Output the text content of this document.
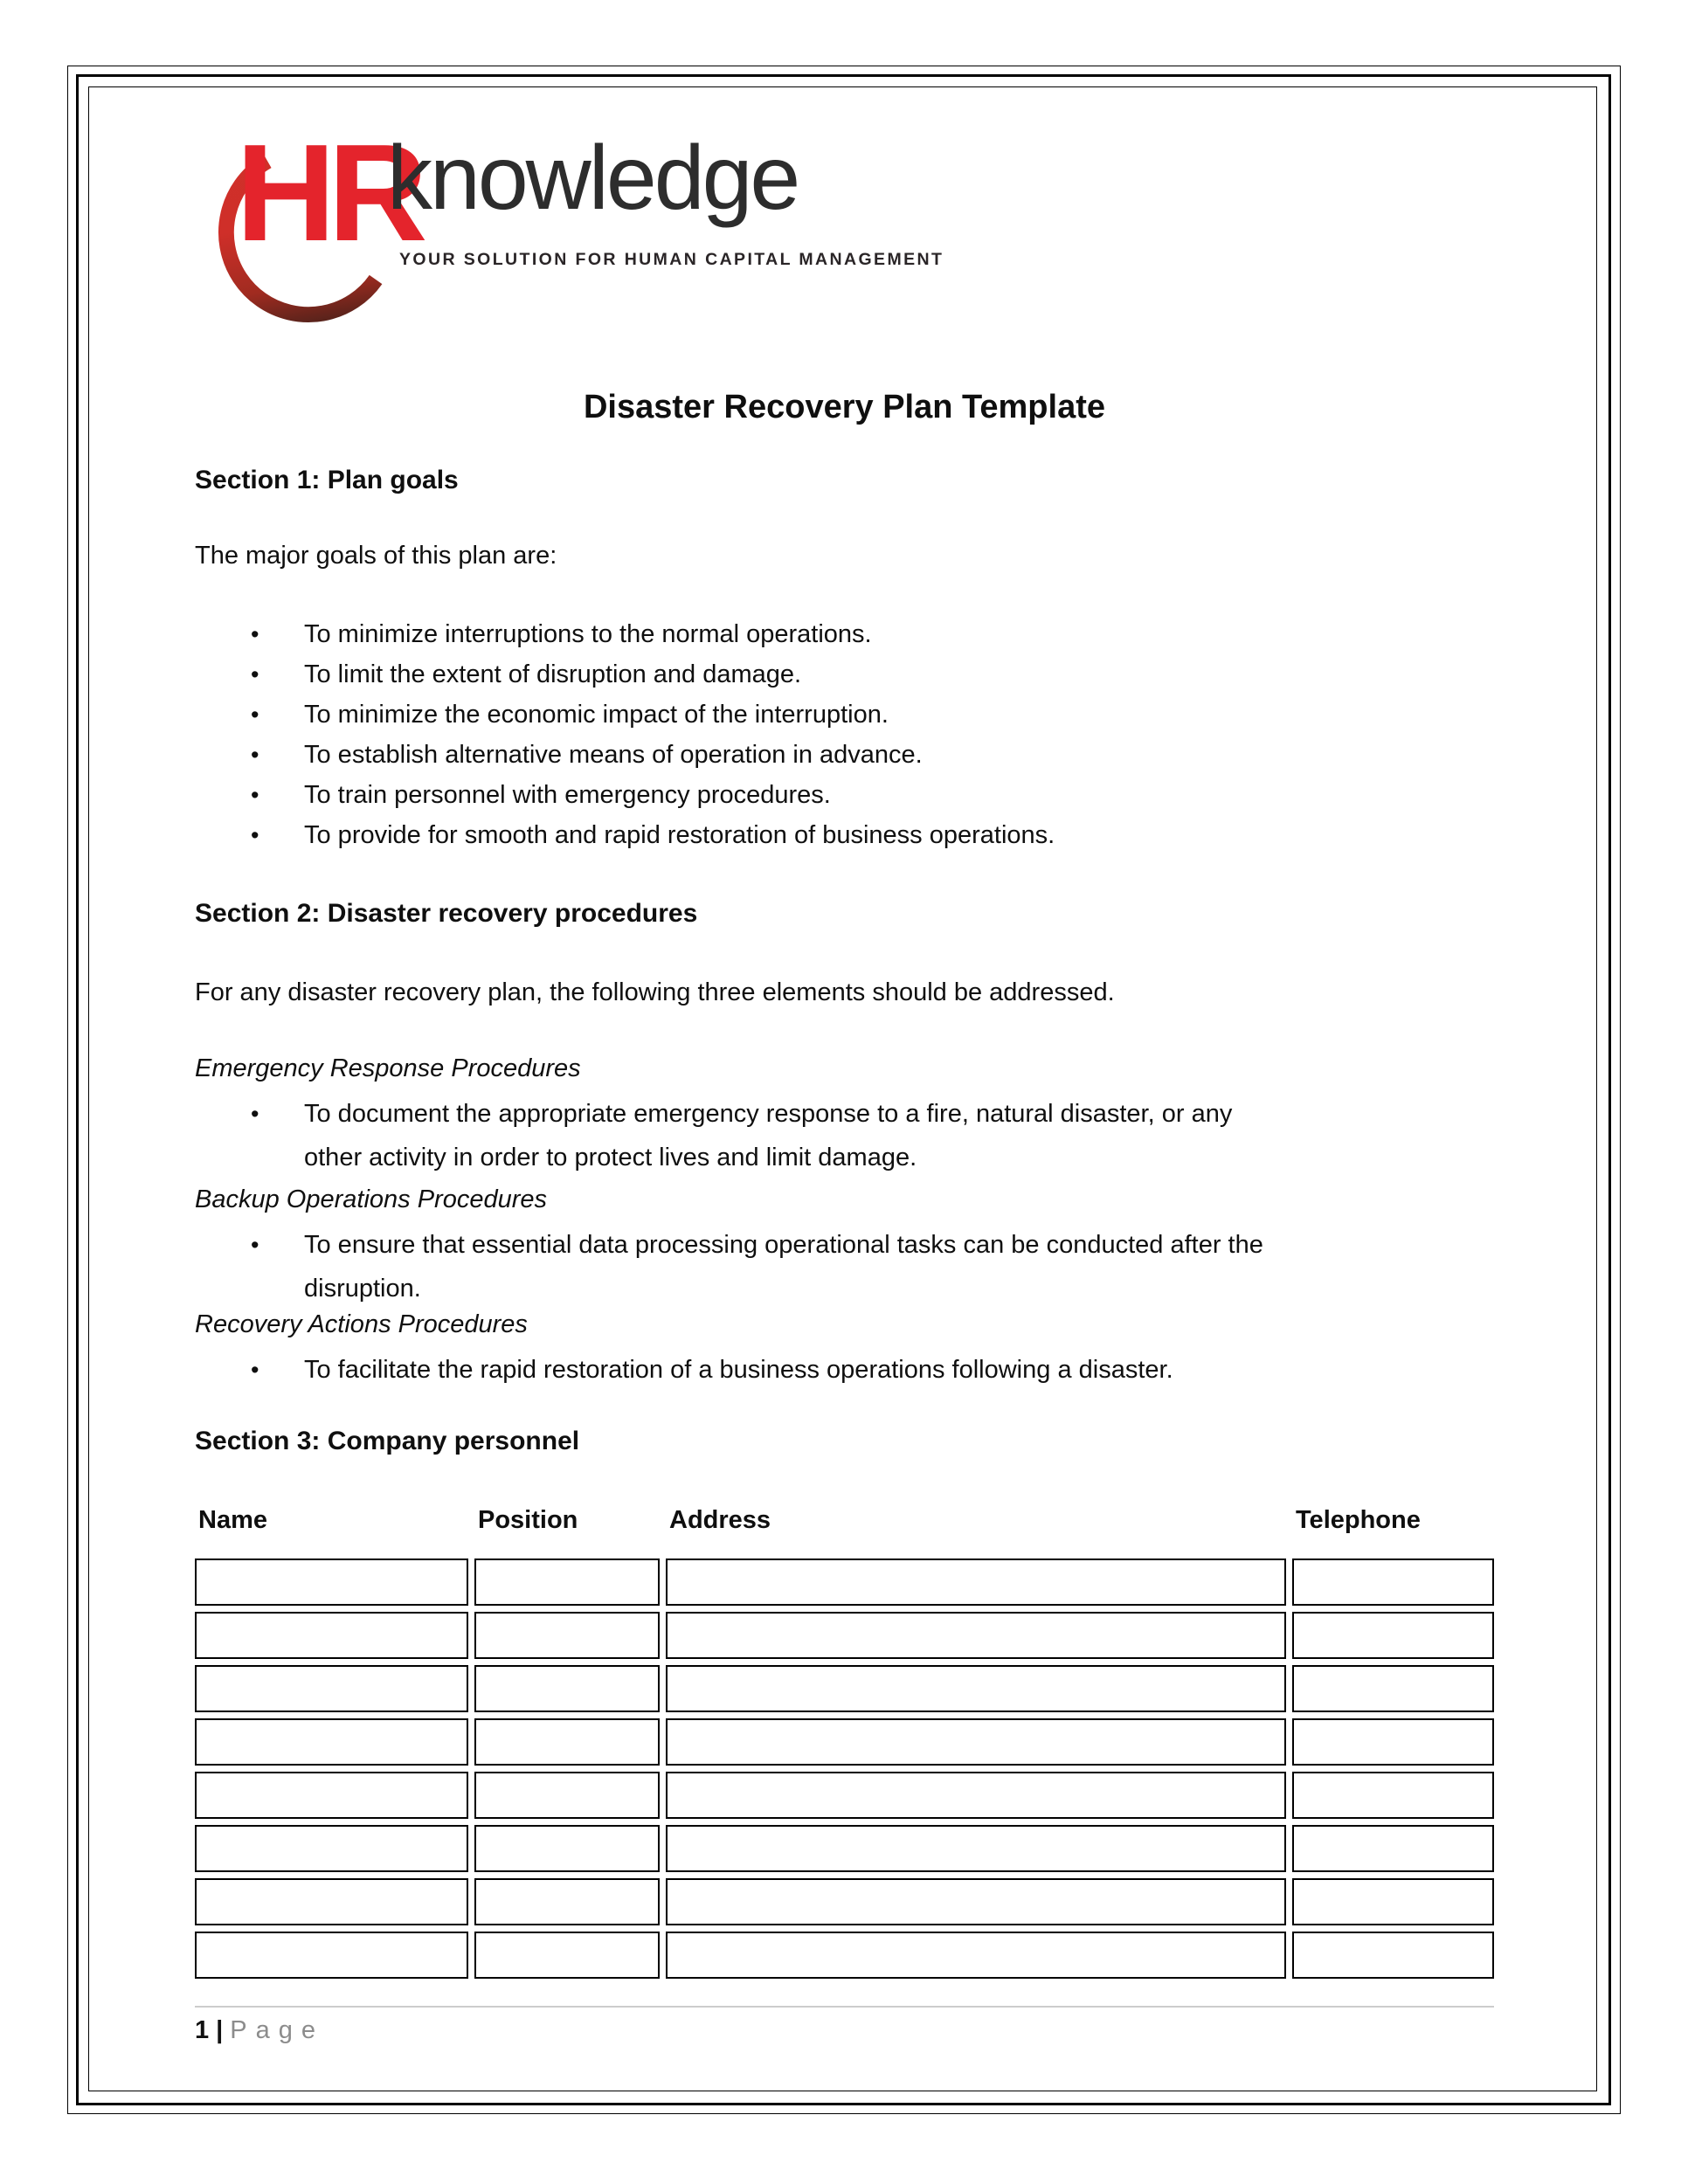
HR
knowledge
YOUR SOLUTION FOR HUMAN CAPITAL MANAGEMENT
Disaster Recovery Plan Template
Section 1: Plan goals
The major goals of this plan are:
• To minimize interruptions to the normal operations.
• To limit the extent of disruption and damage.
• To minimize the economic impact of the interruption.
• To establish alternative means of operation in advance.
• To train personnel with emergency procedures.
• To provide for smooth and rapid restoration of business operations.
Section 2: Disaster recovery procedures
For any disaster recovery plan, the following three elements should be addressed.
Emergency Response Procedures
• To document the appropriate emergency response to a fire, natural disaster, or any
other activity in order to protect lives and limit damage.
Backup Operations Procedures
• To ensure that essential data processing operational tasks can be conducted after the
disruption.
Recovery Actions Procedures
• To facilitate the rapid restoration of a business operations following a disaster.
Section 3: Company personnel
Name	Position	Address	Telephone
1 | Page
